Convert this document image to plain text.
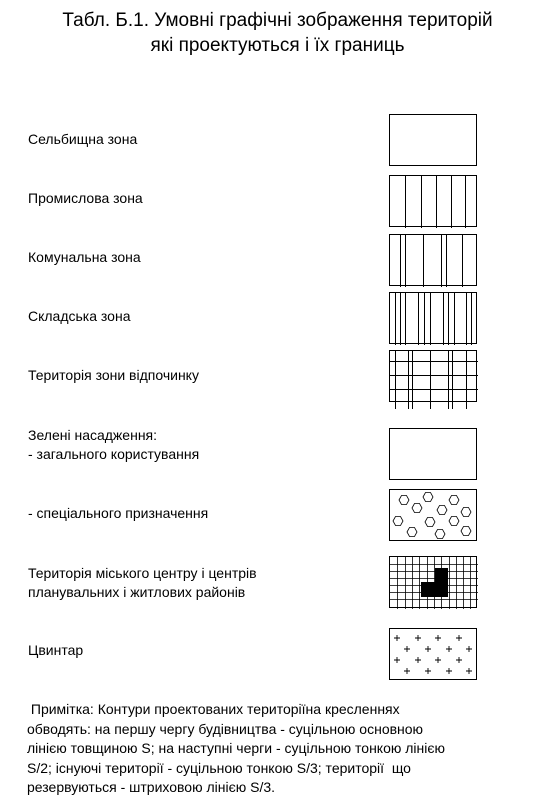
Табл. Б.1. Умовні графічні зображення територій
які проектуються і їх границь
Сельбищна зона
Промислова зона
Комунальна зона
Складська зона
Територія зони відпочинку
Зелені насадження:
- загального користування
- спеціального призначення
Територія міського центру і центрів
планувальних і житлових районів
Цвинтар
Примітка: Контури проектованих територіїна кресленнях
обводять: на першу чергу будівництва - суцільною основною
лінією товщиною S; на наступні черги - суцільною тонкою лінією
S/2; існуючі території - суцільною тонкою S/3; території  що
резервуються - штриховою лінією S/3.
